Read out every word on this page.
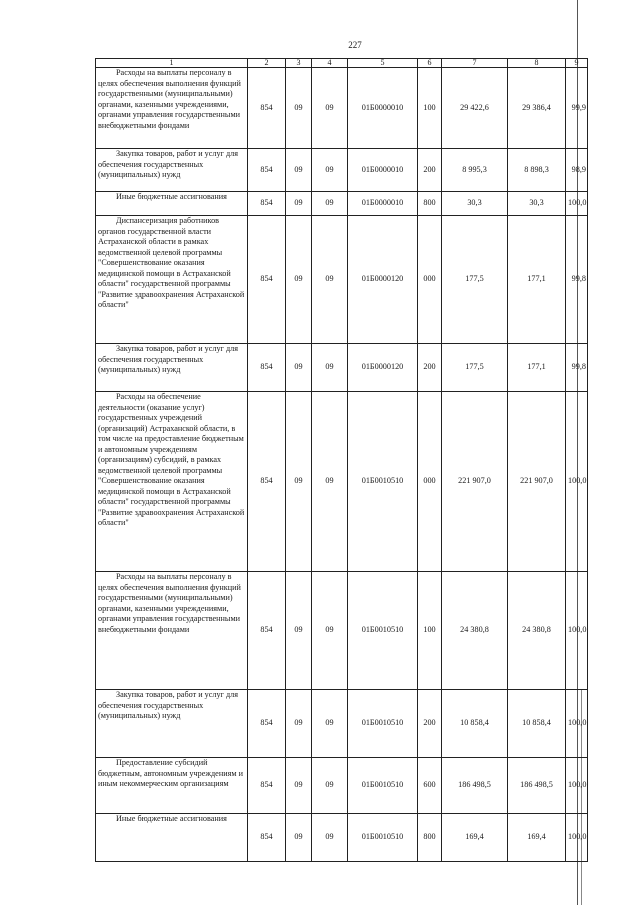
227
1	2	3	4	5	6	7	8	9
Расходы на выплаты персоналу в целях обеспечения выполнения функций государственными (муниципальными) органами, казенными учреждениями, органами управления государственными внебюджетными фондами	854	09	09	01Б0000010	100	29 422,6	29 386,4	99,9
Закупка товаров, работ и услуг для обеспечения государственных (муниципальных) нужд	854	09	09	01Б0000010	200	8 995,3	8 898,3	98,9
Иные бюджетные ассигнования	854	09	09	01Б0000010	800	30,3	30,3	100,0
Диспансеризация работников органов государственной власти Астраханской области в рамках ведомственной целевой программы "Совершенствование оказания медицинской помощи в Астраханской области" государственной программы "Развитие здравоохранения Астраханской области"	854	09	09	01Б0000120	000	177,5	177,1	99,8
Закупка товаров, работ и услуг для обеспечения государственных (муниципальных) нужд	854	09	09	01Б0000120	200	177,5	177,1	99,8
Расходы на обеспечение деятельности (оказание услуг) государственных учреждений (организаций) Астраханской области, в том числе на предоставление бюджетным и автономным учреждениям (организациям) субсидий, в рамках ведомственной целевой программы "Совершенствование оказания медицинской помощи в Астраханской области" государственной программы "Развитие здравоохранения Астраханской области"	854	09	09	01Б0010510	000	221 907,0	221 907,0	100,0
Расходы на выплаты персоналу в целях обеспечения выполнения функций государственными (муниципальными) органами, казенными учреждениями, органами управления государственными внебюджетными фондами	854	09	09	01Б0010510	100	24 380,8	24 380,8	100,0
Закупка товаров, работ и услуг для обеспечения государственных (муниципальных) нужд	854	09	09	01Б0010510	200	10 858,4	10 858,4	100,0
Предоставление субсидий бюджетным, автономным учреждениям и иным некоммерческим организациям	854	09	09	01Б0010510	600	186 498,5	186 498,5	100,0
Иные бюджетные ассигнования	854	09	09	01Б0010510	800	169,4	169,4	100,0
